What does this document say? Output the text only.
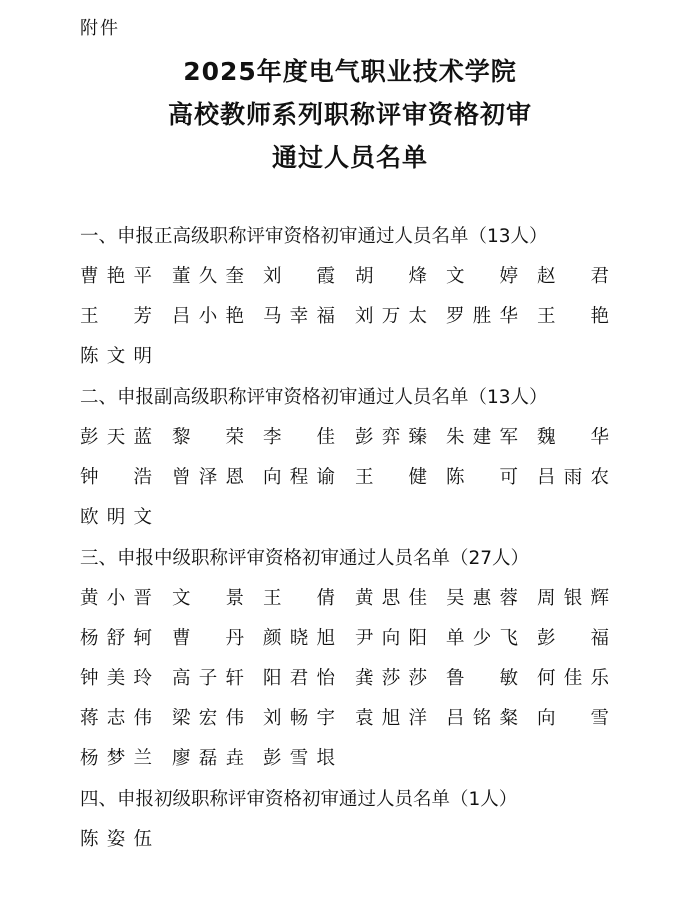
附件
2025年度电气职业技术学院
高校教师系列职称评审资格初审
通过人员名单
一、申报正高级职称评审资格初审通过人员名单（13人）
曹艳平 董久奎 刘　霞 胡　烽 文　婷 赵　君
王　芳 吕小艳 马幸福 刘万太 罗胜华 王　艳
陈文明
二、申报副高级职称评审资格初审通过人员名单（13人）
彭天蓝 黎　荣 李　佳 彭弈臻 朱建军 魏　华
钟　浩 曾泽恩 向程谕 王　健 陈　可 吕雨农
欧明文
三、申报中级职称评审资格初审通过人员名单（27人）
黄小晋 文　景 王　倩 黄思佳 吴惠蓉 周银辉
杨舒轲 曹　丹 颜晓旭 尹向阳 单少飞 彭　福
钟美玲 高子轩 阳君怡 龚莎莎 鲁　敏 何佳乐
蒋志伟 梁宏伟 刘畅宇 袁旭洋 吕铭粲 向　雪
杨梦兰 廖磊垚 彭雪垠
四、申报初级职称评审资格初审通过人员名单（1人）
陈姿伍
